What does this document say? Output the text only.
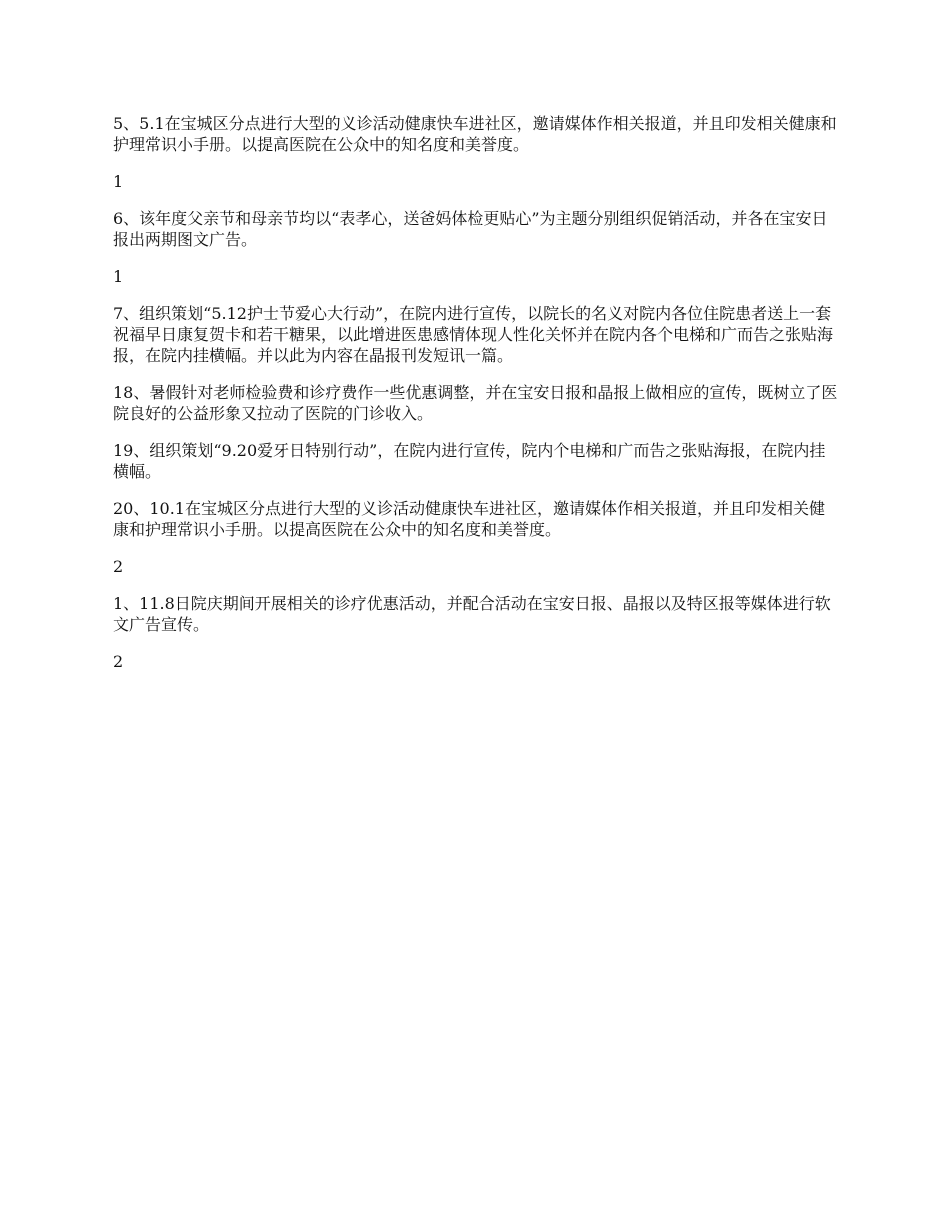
5、5.1在宝城区分点进行大型的义诊活动健康快车进社区，邀请媒体作相关报道，并且印发相关健康和护理常识小手册。以提高医院在公众中的知名度和美誉度。

1

6、该年度父亲节和母亲节均以“表孝心，送爸妈体检更贴心”为主题分别组织促销活动，并各在宝安日报出两期图文广告。

1

7、组织策划“5.12护士节爱心大行动”，在院内进行宣传，以院长的名义对院内各位住院患者送上一套祝福早日康复贺卡和若干糖果，以此增进医患感情体现人性化关怀并在院内各个电梯和广而告之张贴海报，在院内挂横幅。并以此为内容在晶报刊发短讯一篇。

18、暑假针对老师检验费和诊疗费作一些优惠调整，并在宝安日报和晶报上做相应的宣传，既树立了医院良好的公益形象又拉动了医院的门诊收入。

19、组织策划“9.20爱牙日特别行动”，在院内进行宣传，院内个电梯和广而告之张贴海报，在院内挂横幅。

20、10.1在宝城区分点进行大型的义诊活动健康快车进社区，邀请媒体作相关报道，并且印发相关健康和护理常识小手册。以提高医院在公众中的知名度和美誉度。

2

1、11.8日院庆期间开展相关的诊疗优惠活动，并配合活动在宝安日报、晶报以及特区报等媒体进行软文广告宣传。

2
